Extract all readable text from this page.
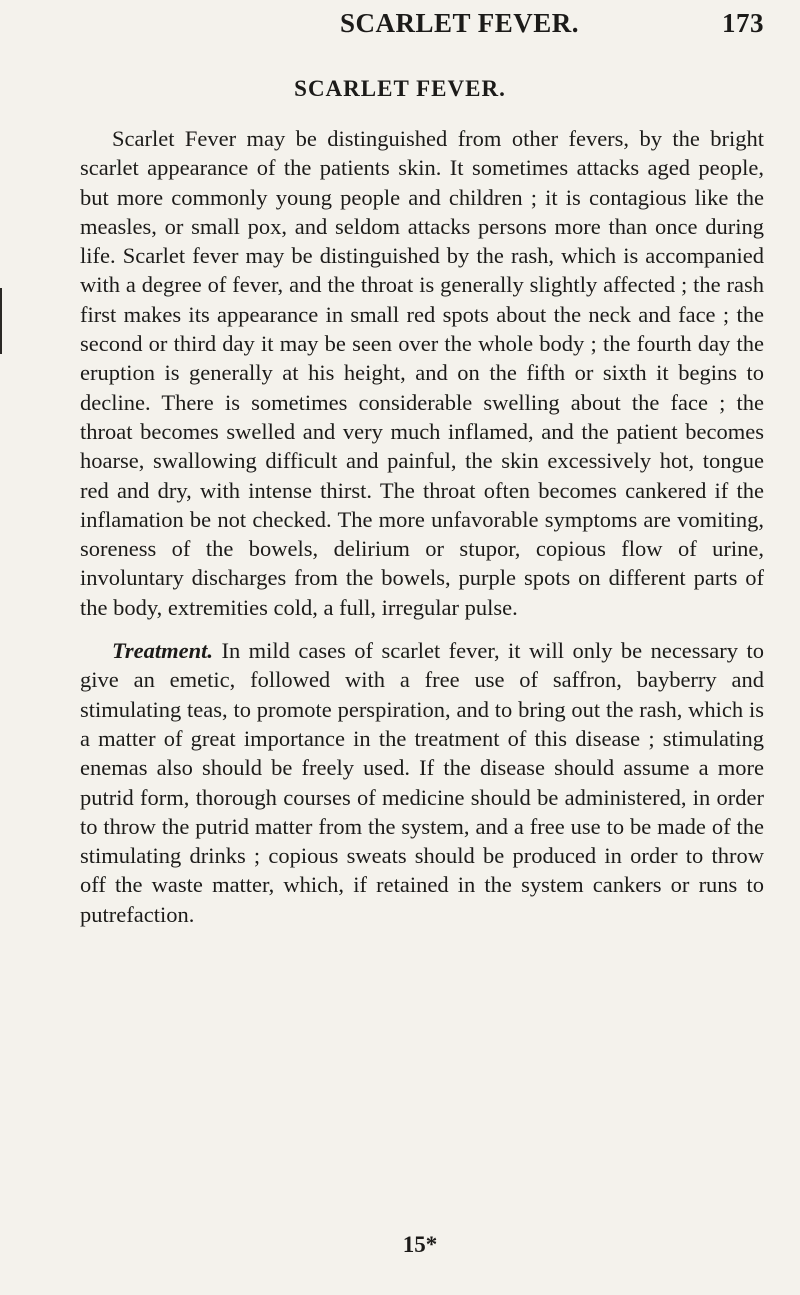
SCARLET FEVER.	173
SCARLET FEVER.

Scarlet Fever may be distinguished from other fevers, by the bright scarlet appearance of the patients skin. It sometimes attacks aged people, but more commonly young people and children ; it is contagious like the measles, or small pox, and seldom attacks persons more than once during life. Scarlet fever may be distinguished by the rash, which is accompanied with a degree of fever, and the throat is generally slightly affected ; the rash first makes its appearance in small red spots about the neck and face ; the second or third day it may be seen over the whole body ; the fourth day the eruption is generally at his height, and on the fifth or sixth it begins to decline. There is sometimes considerable swelling about the face ; the throat becomes swelled and very much inflamed, and the patient becomes hoarse, swallowing difficult and painful, the skin excessively hot, tongue red and dry, with intense thirst. The throat often becomes cankered if the inflamation be not checked. The more unfavorable symptoms are vomiting, soreness of the bowels, delirium or stupor, copious flow of urine, involuntary discharges from the bowels, purple spots on different parts of the body, extremities cold, a full, irregular pulse.

Treatment. In mild cases of scarlet fever, it will only be necessary to give an emetic, followed with a free use of saffron, bayberry and stimulating teas, to promote perspiration, and to bring out the rash, which is a matter of great importance in the treatment of this disease ; stimulating enemas also should be freely used. If the disease should assume a more putrid form, thorough courses of medicine should be administered, in order to throw the putrid matter from the system, and a free use to be made of the stimulating drinks ; copious sweats should be produced in order to throw off the waste matter, which, if retained in the system cankers or runs to putrefaction.

15*
